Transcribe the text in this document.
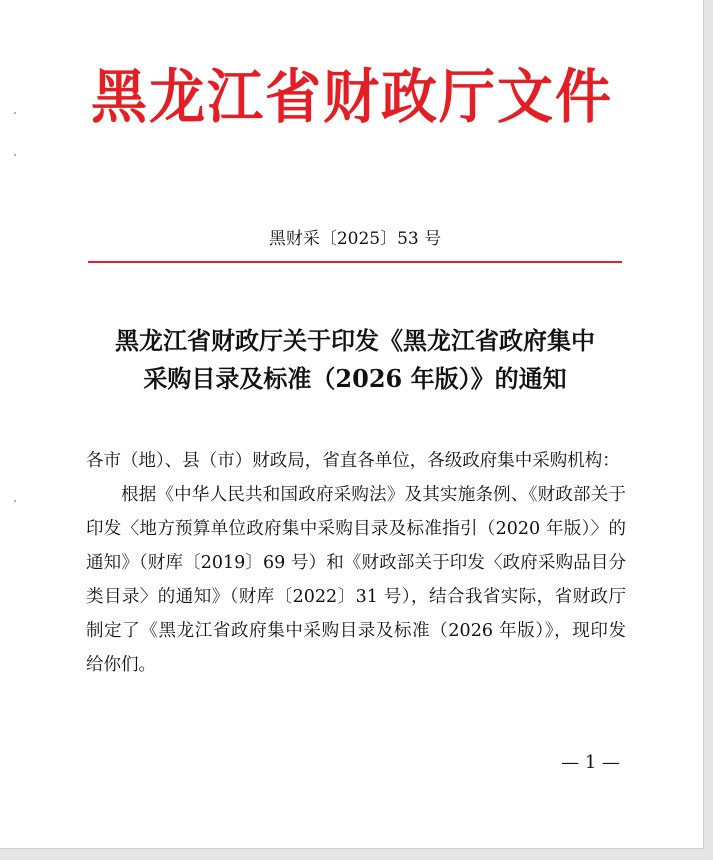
黑龙江省财政厅文件
黑财采〔2025〕53 号
黑龙江省财政厅关于印发《黑龙江省政府集中
采购目录及标准（2026 年版）》的通知

各市（地）、县（市）财政局，省直各单位，各级政府集中采购机构：

根据《中华人民共和国政府采购法》及其实施条例、《财政部关于印发〈地方预算单位政府集中采购目录及标准指引（2020 年版）〉的通知》（财库〔2019〕69 号）和《财政部关于印发〈政府采购品目分类目录〉的通知》（财库〔2022〕31 号），结合我省实际，省财政厅制定了《黑龙江省政府集中采购目录及标准（2026 年版）》，现印发给你们。

— 1 —
